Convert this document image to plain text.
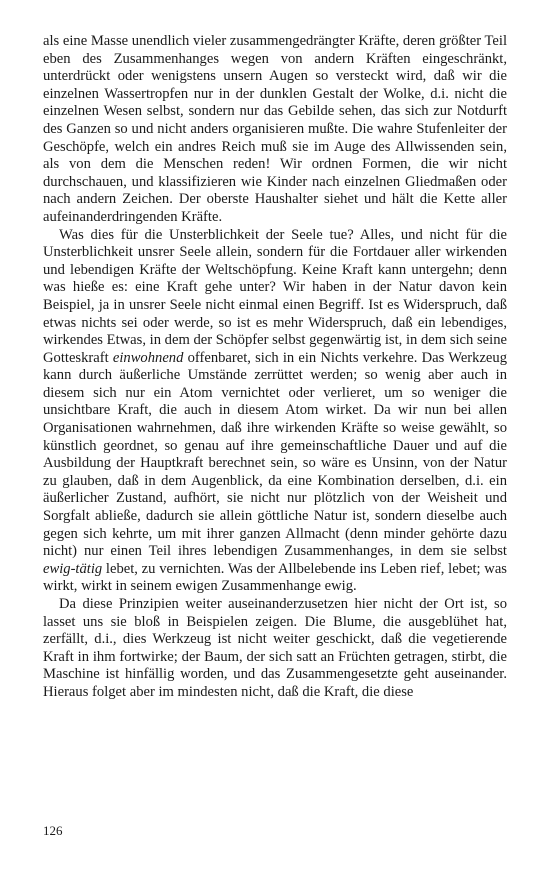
als eine Masse unendlich vieler zusammengedrängter Kräfte, deren größter Teil eben des Zusammenhanges wegen von andern Kräften eingeschränkt, unterdrückt oder wenigstens unsern Augen so versteckt wird, daß wir die einzelnen Wassertropfen nur in der dunklen Gestalt der Wolke, d.i. nicht die einzelnen Wesen selbst, sondern nur das Gebilde sehen, das sich zur Notdurft des Ganzen so und nicht anders organisieren mußte. Die wahre Stufenleiter der Geschöpfe, welch ein andres Reich muß sie im Auge des Allwissenden sein, als von dem die Menschen reden! Wir ordnen Formen, die wir nicht durchschauen, und klassifizieren wie Kinder nach einzelnen Gliedmaßen oder nach andern Zeichen. Der oberste Haushalter siehet und hält die Kette aller aufeinanderdringenden Kräfte.

Was dies für die Unsterblichkeit der Seele tue? Alles, und nicht für die Unsterblichkeit unsrer Seele allein, sondern für die Fortdauer aller wirkenden und lebendigen Kräfte der Weltschöpfung. Keine Kraft kann untergehn; denn was hieße es: eine Kraft gehe unter? Wir haben in der Natur davon kein Beispiel, ja in unsrer Seele nicht einmal einen Begriff. Ist es Widerspruch, daß etwas nichts sei oder werde, so ist es mehr Widerspruch, daß ein lebendiges, wirkendes Etwas, in dem der Schöpfer selbst gegenwärtig ist, in dem sich seine Gotteskraft einwohnend offenbaret, sich in ein Nichts verkehre. Das Werkzeug kann durch äußerliche Umstände zerrüttet werden; so wenig aber auch in diesem sich nur ein Atom vernichtet oder verlieret, um so weniger die unsichtbare Kraft, die auch in diesem Atom wirket. Da wir nun bei allen Organisationen wahrnehmen, daß ihre wirkenden Kräfte so weise gewählt, so künstlich geordnet, so genau auf ihre gemeinschaftliche Dauer und auf die Ausbildung der Hauptkraft berechnet sein, so wäre es Unsinn, von der Natur zu glauben, daß in dem Augenblick, da eine Kombination derselben, d.i. ein äußerlicher Zustand, aufhört, sie nicht nur plötzlich von der Weisheit und Sorgfalt abließe, dadurch sie allein göttliche Natur ist, sondern dieselbe auch gegen sich kehrte, um mit ihrer ganzen Allmacht (denn minder gehörte dazu nicht) nur einen Teil ihres lebendigen Zusammenhanges, in dem sie selbst ewig-tätig lebet, zu vernichten. Was der Allbelebende ins Leben rief, lebet; was wirkt, wirkt in seinem ewigen Zusammenhange ewig.

Da diese Prinzipien weiter auseinanderzusetzen hier nicht der Ort ist, so lasset uns sie bloß in Beispielen zeigen. Die Blume, die ausgeblühet hat, zerfällt, d.i., dies Werkzeug ist nicht weiter geschickt, daß die vegetierende Kraft in ihm fortwirke; der Baum, der sich satt an Früchten getragen, stirbt, die Maschine ist hinfällig worden, und das Zusammengesetzte geht auseinander. Hieraus folget aber im mindesten nicht, daß die Kraft, die diese

126
